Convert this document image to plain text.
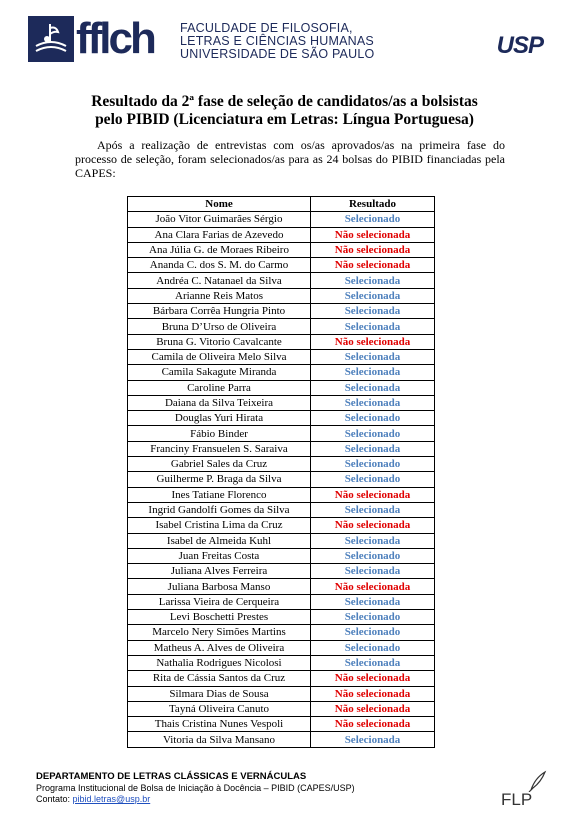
fflch FACULDADE DE FILOSOFIA,
LETRAS E CIÊNCIAS HUMANAS
UNIVERSIDADE DE SÃO PAULO	USP
Resultado da 2ª fase de seleção de candidatos/as a bolsistas
pelo PIBID (Licenciatura em Letras: Língua Portuguesa)
Após a realização de entrevistas com os/as aprovados/as na primeira fase do processo de seleção, foram selecionados/as para as 24 bolsas do PIBID financiadas pela CAPES:
Nome	Resultado
João Vitor Guimarães Sérgio	Selecionado
Ana Clara Farias de Azevedo	Não selecionada
Ana Júlia G. de Moraes Ribeiro	Não selecionada
Ananda C. dos S. M. do Carmo	Não selecionada
Andréa C. Natanael da Silva	Selecionada
Arianne Reis Matos	Selecionada
Bárbara Corrêa Hungria Pinto	Selecionada
Bruna D’Urso de Oliveira	Selecionada
Bruna G. Vitorio Cavalcante	Não selecionada
Camila de Oliveira Melo Silva	Selecionada
Camila Sakagute Miranda	Selecionada
Caroline Parra	Selecionada
Daiana da Silva Teixeira	Selecionada
Douglas Yuri Hirata	Selecionado
Fábio Binder	Selecionado
Franciny Fransuelen S. Saraiva	Selecionada
Gabriel Sales da Cruz	Selecionado
Guilherme P. Braga da Silva	Selecionado
Ines Tatiane Florenco	Não selecionada
Ingrid Gandolfi Gomes da Silva	Selecionada
Isabel Cristina Lima da Cruz	Não selecionada
Isabel de Almeida Kuhl	Selecionada
Juan Freitas Costa	Selecionado
Juliana Alves Ferreira	Selecionada
Juliana Barbosa Manso	Não selecionada
Larissa Vieira de Cerqueira	Selecionada
Levi Boschetti Prestes	Selecionado
Marcelo Nery Simões Martins	Selecionado
Matheus A. Alves de Oliveira	Selecionado
Nathalia Rodrigues Nicolosi	Selecionada
Rita de Cássia Santos da Cruz	Não selecionada
Silmara Dias de Sousa	Não selecionada
Tayná Oliveira Canuto	Não selecionada
Thais Cristina Nunes Vespoli	Não selecionada
Vitoria da Silva Mansano	Selecionada
DEPARTAMENTO DE LETRAS CLÁSSICAS E VERNÁCULAS
Programa Institucional de Bolsa de Iniciação à Docência – PIBID (CAPES/USP)
Contato: pibid.letras@usp.br	FLP
